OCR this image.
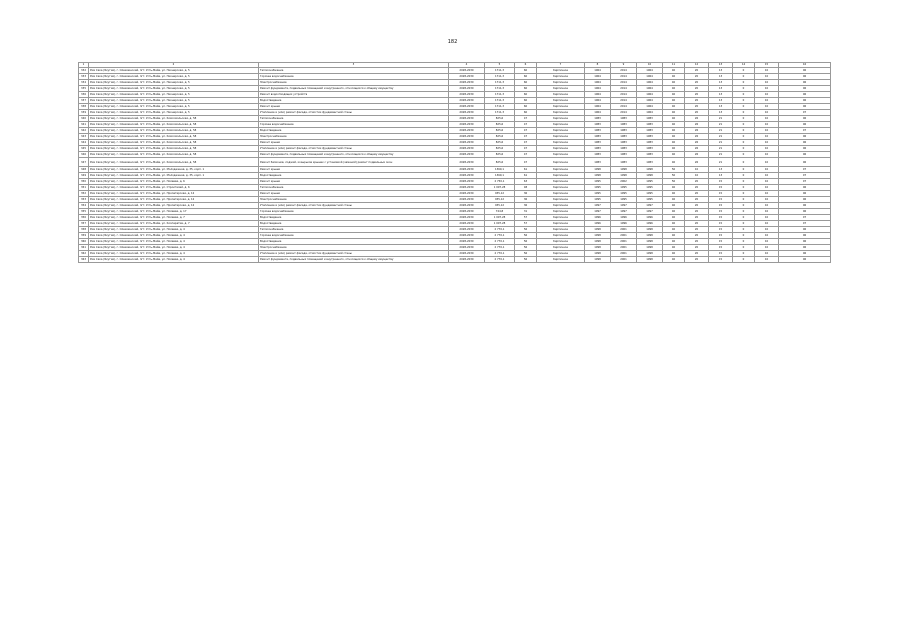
182
1	2	3	4	5	6	7	8	9	10	11	12	13	14	15	16
332	Ркм Саха (Якутия), г. Олекминский, пгт. Усть-Майа, ул. Пионерская, д. 5	Теплоснабжение	2028-2030	1711,3	60	Кирпичное	1964	2014	1964	40	20	13	0	10	06
333	Ркм Саха (Якутия), г. Олекминский, пгт. Усть-Майа, ул. Пионерская, д. 5	Горячее водоснабжение	2028-2030	1711,3	60	Кирпичное	1964	2014	1964	40	20	13	0	10	06
334	Ркм Саха (Якутия), г. Олекминский, пгт. Усть-Майа, ул. Пионерская, д. 5	Электроснабжение	2028-2030	1711,3	60	Кирпичное	1964	2014	1964	40	20	13	0	10	06
335	Ркм Саха (Якутия), г. Олекминский, пгт. Усть-Майа, ул. Пионерская, д. 5	Ремонт фундамента, подвальных помещений и внутреннего, относящихся к общему имуществу	2028-2030	1711,3	60	Кирпичное	1964	2014	1964	40	20	13	0	10	06
336	Ркм Саха (Якутия), г. Олекминский, пгт. Усть-Майа, ул. Пионерская, д. 5	Ремонт водоотводящих устройств	2028-2030	1711,3	60	Кирпичное	1964	2014	1964	40	20	13	0	10	06
337	Ркм Саха (Якутия), г. Олекминский, пгт. Усть-Майа, ул. Пионерская, д. 5	Водоотведение	2028-2030	1711,3	60	Кирпичное	1964	2014	1964	40	20	13	0	10	06
338	Ркм Саха (Якутия), г. Олекминский, пгт. Усть-Майа, ул. Пионерская, д. 5	Ремонт крыши	2028-2030	1711,3	60	Кирпичное	1964	2014	1964	40	20	13	0	10	06
339	Ркм Саха (Якутия), г. Олекминский, пгт. Усть-Майа, ул. Пионерская, д. 5	Утепление и (или) ремонт фасада, отмостки фундаментной стены	2028-2030	1711,3	60	Кирпичное	1964	2014	1964	40	20	13	0	10	07
340	Ркм Саха (Якутия), г. Олекминский, пгт. Усть-Майа, ул. Комсомольская, д. 58	Теплоснабжение	2028-2030	825,6	47	Кирпичное	1983	1983	1983	40	26	21	0	10	06
341	Ркм Саха (Якутия), г. Олекминский, пгт. Усть-Майа, ул. Комсомольская, д. 58	Горячее водоснабжение	2028-2030	825,6	47	Кирпичное	1983	1983	1983	40	26	21	0	10	06
342	Ркм Саха (Якутия), г. Олекминский, пгт. Усть-Майа, ул. Комсомольская, д. 58	Водоотведение	2028-2030	825,6	47	Кирпичное	1983	1983	1983	40	26	21	0	10	07
343	Ркм Саха (Якутия), г. Олекминский, пгт. Усть-Майа, ул. Комсомольская, д. 58	Электроснабжение	2028-2030	825,6	47	Кирпичное	1983	1983	1983	40	26	21	0	10	06
344	Ркм Саха (Якутия), г. Олекминский, пгт. Усть-Майа, ул. Комсомольская, д. 58	Ремонт крыши	2028-2030	825,6	47	Кирпичное	1983	1983	1983	40	26	21	0	10	06
345	Ркм Саха (Якутия), г. Олекминский, пгт. Усть-Майа, ул. Комсомольская, д. 58	Утепление и (или) ремонт фасада, отмостки фундаментной стены	2028-2030	825,6	47	Кирпичное	1983	1983	1983	40	26	21	0	10	06
346	Ркм Саха (Якутия), г. Олекминский, пгт. Усть-Майа, ул. Комсомольская, д. 58	Ремонт фундамента, подвальных помещений и внутреннего, относящихся к общему имуществу	2028-2030	825,6	47	Кирпичное	1983	1983	1983	40	26	21	0	10	06
347	Ркм Саха (Якутия), г. Олекминский, пгт. Усть-Майа, ул. Комсомольская, д. 58	Ремонт балконов, лоджий, козырьков крышек с установкой (заменой) ремонт подвальных окон	2028-2030	825,6	47	Кирпичное	1983	1983	1983	40	26	21	0	10	06
348	Ркм Саха (Якутия), г. Олекминский, пгт. Усть-Майа, ул. Молодежная, д. 35, корп. 1	Ремонт крыши	2028-2030	1369,1	61	Кирпичное	1998	1998	1998	50	10	13	0	10	07
349	Ркм Саха (Якутия), г. Олекминский, пгт. Усть-Майа, ул. Молодежная, д. 35, корп. 1	Водоотведение	2028-2030	1369,1	61	Кирпичное	1998	1998	1998	50	10	13	0	10	07
350	Ркм Саха (Якутия), г. Олекминский, пгт. Усть-Майа, ул. Полевая, д. 6	Ремонт крыши	2028-2030	2 750,1	63	Кирпичное	1995	2002	1995	50	20	15	0	10	07
351	Ркм Саха (Якутия), г. Олекминский, пгт. Усть-Майа, ул. Строителей, д. 6	Теплоснабжение	2028-2030	1 097,28	48	Кирпичное	1995	1995	1995	40	20	15	0	10	06
352	Ркм Саха (Якутия), г. Олекминский, пгт. Усть-Майа, ул. Пролетарская, д. 12	Ремонт крыши	2028-2030	935,12	36	Кирпичное	1995	1995	1995	40	20	15	0	10	06
353	Ркм Саха (Якутия), г. Олекминский, пгт. Усть-Майа, ул. Пролетарская, д. 12	Электроснабжение	2028-2030	935,12	36	Кирпичное	1995	1995	1995	40	20	15	0	10	06
354	Ркм Саха (Якутия), г. Олекминский, пгт. Усть-Майа, ул. Пролетарская, д. 12	Утепление и (или) ремонт фасада, отмостки фундаментной стены	2028-2030	935,12	36	Кирпичное	1997	1997	1997	40	20	15	0	10	06
355	Ркм Саха (Якутия), г. Олекминский, пгт. Усть-Майа, ул. Полевая, д. 17	Горячее водоснабжение	2028-2030	744,8	31	Кирпичное	1997	1997	1997	40	20	15	0	10	06
356	Ркм Саха (Якутия), г. Олекминский, пгт. Усть-Майа, ул. Полевая, д. 7	Водоотведение	2028-2030	1 097,28	57	Кирпичное	1996	1996	1996	40	20	15	0	10	07
357	Ркм Саха (Якутия), г. Олекминский, пгт. Усть-Майа, ул. Кооператив, д. 7	Водоотведение	2028-2030	1 097,28	57	Кирпичное	1996	1996	1996	40	20	15	0	10	07
358	Ркм Саха (Якутия), г. Олекминский, пгт. Усть-Майа, ул. Полевая, д. 4	Теплоснабжение	2028-2030	2 770,1	56	Кирпичное	1998	2001	1998	40	20	15	0	10	06
359	Ркм Саха (Якутия), г. Олекминский, пгт. Усть-Майа, ул. Полевая, д. 4	Горячее водоснабжение	2028-2030	2 770,1	56	Кирпичное	1998	2001	1998	40	20	15	0	10	06
360	Ркм Саха (Якутия), г. Олекминский, пгт. Усть-Майа, ул. Полевая, д. 4	Водоотведение	2028-2030	2 770,1	56	Кирпичное	1998	2001	1998	40	20	15	0	10	06
361	Ркм Саха (Якутия), г. Олекминский, пгт. Усть-Майа, ул. Полевая, д. 4	Электроснабжение	2028-2030	2 770,1	56	Кирпичное	1998	2001	1998	40	20	15	0	10	06
362	Ркм Саха (Якутия), г. Олекминский, пгт. Усть-Майа, ул. Полевая, д. 4	Утепление и (или) ремонт фасада, отмостки фундаментной стены	2028-2030	2 770,1	56	Кирпичное	1998	2001	1998	40	20	15	0	10	06
363	Ркм Саха (Якутия), г. Олекминский, пгт. Усть-Майа, ул. Полевая, д. 4	Ремонт фундамента, подвальных помещений и внутреннего, относящихся к общему имуществу	2028-2030	2 770,1	56	Кирпичное	1998	2001	1998	40	20	15	0	10	06
